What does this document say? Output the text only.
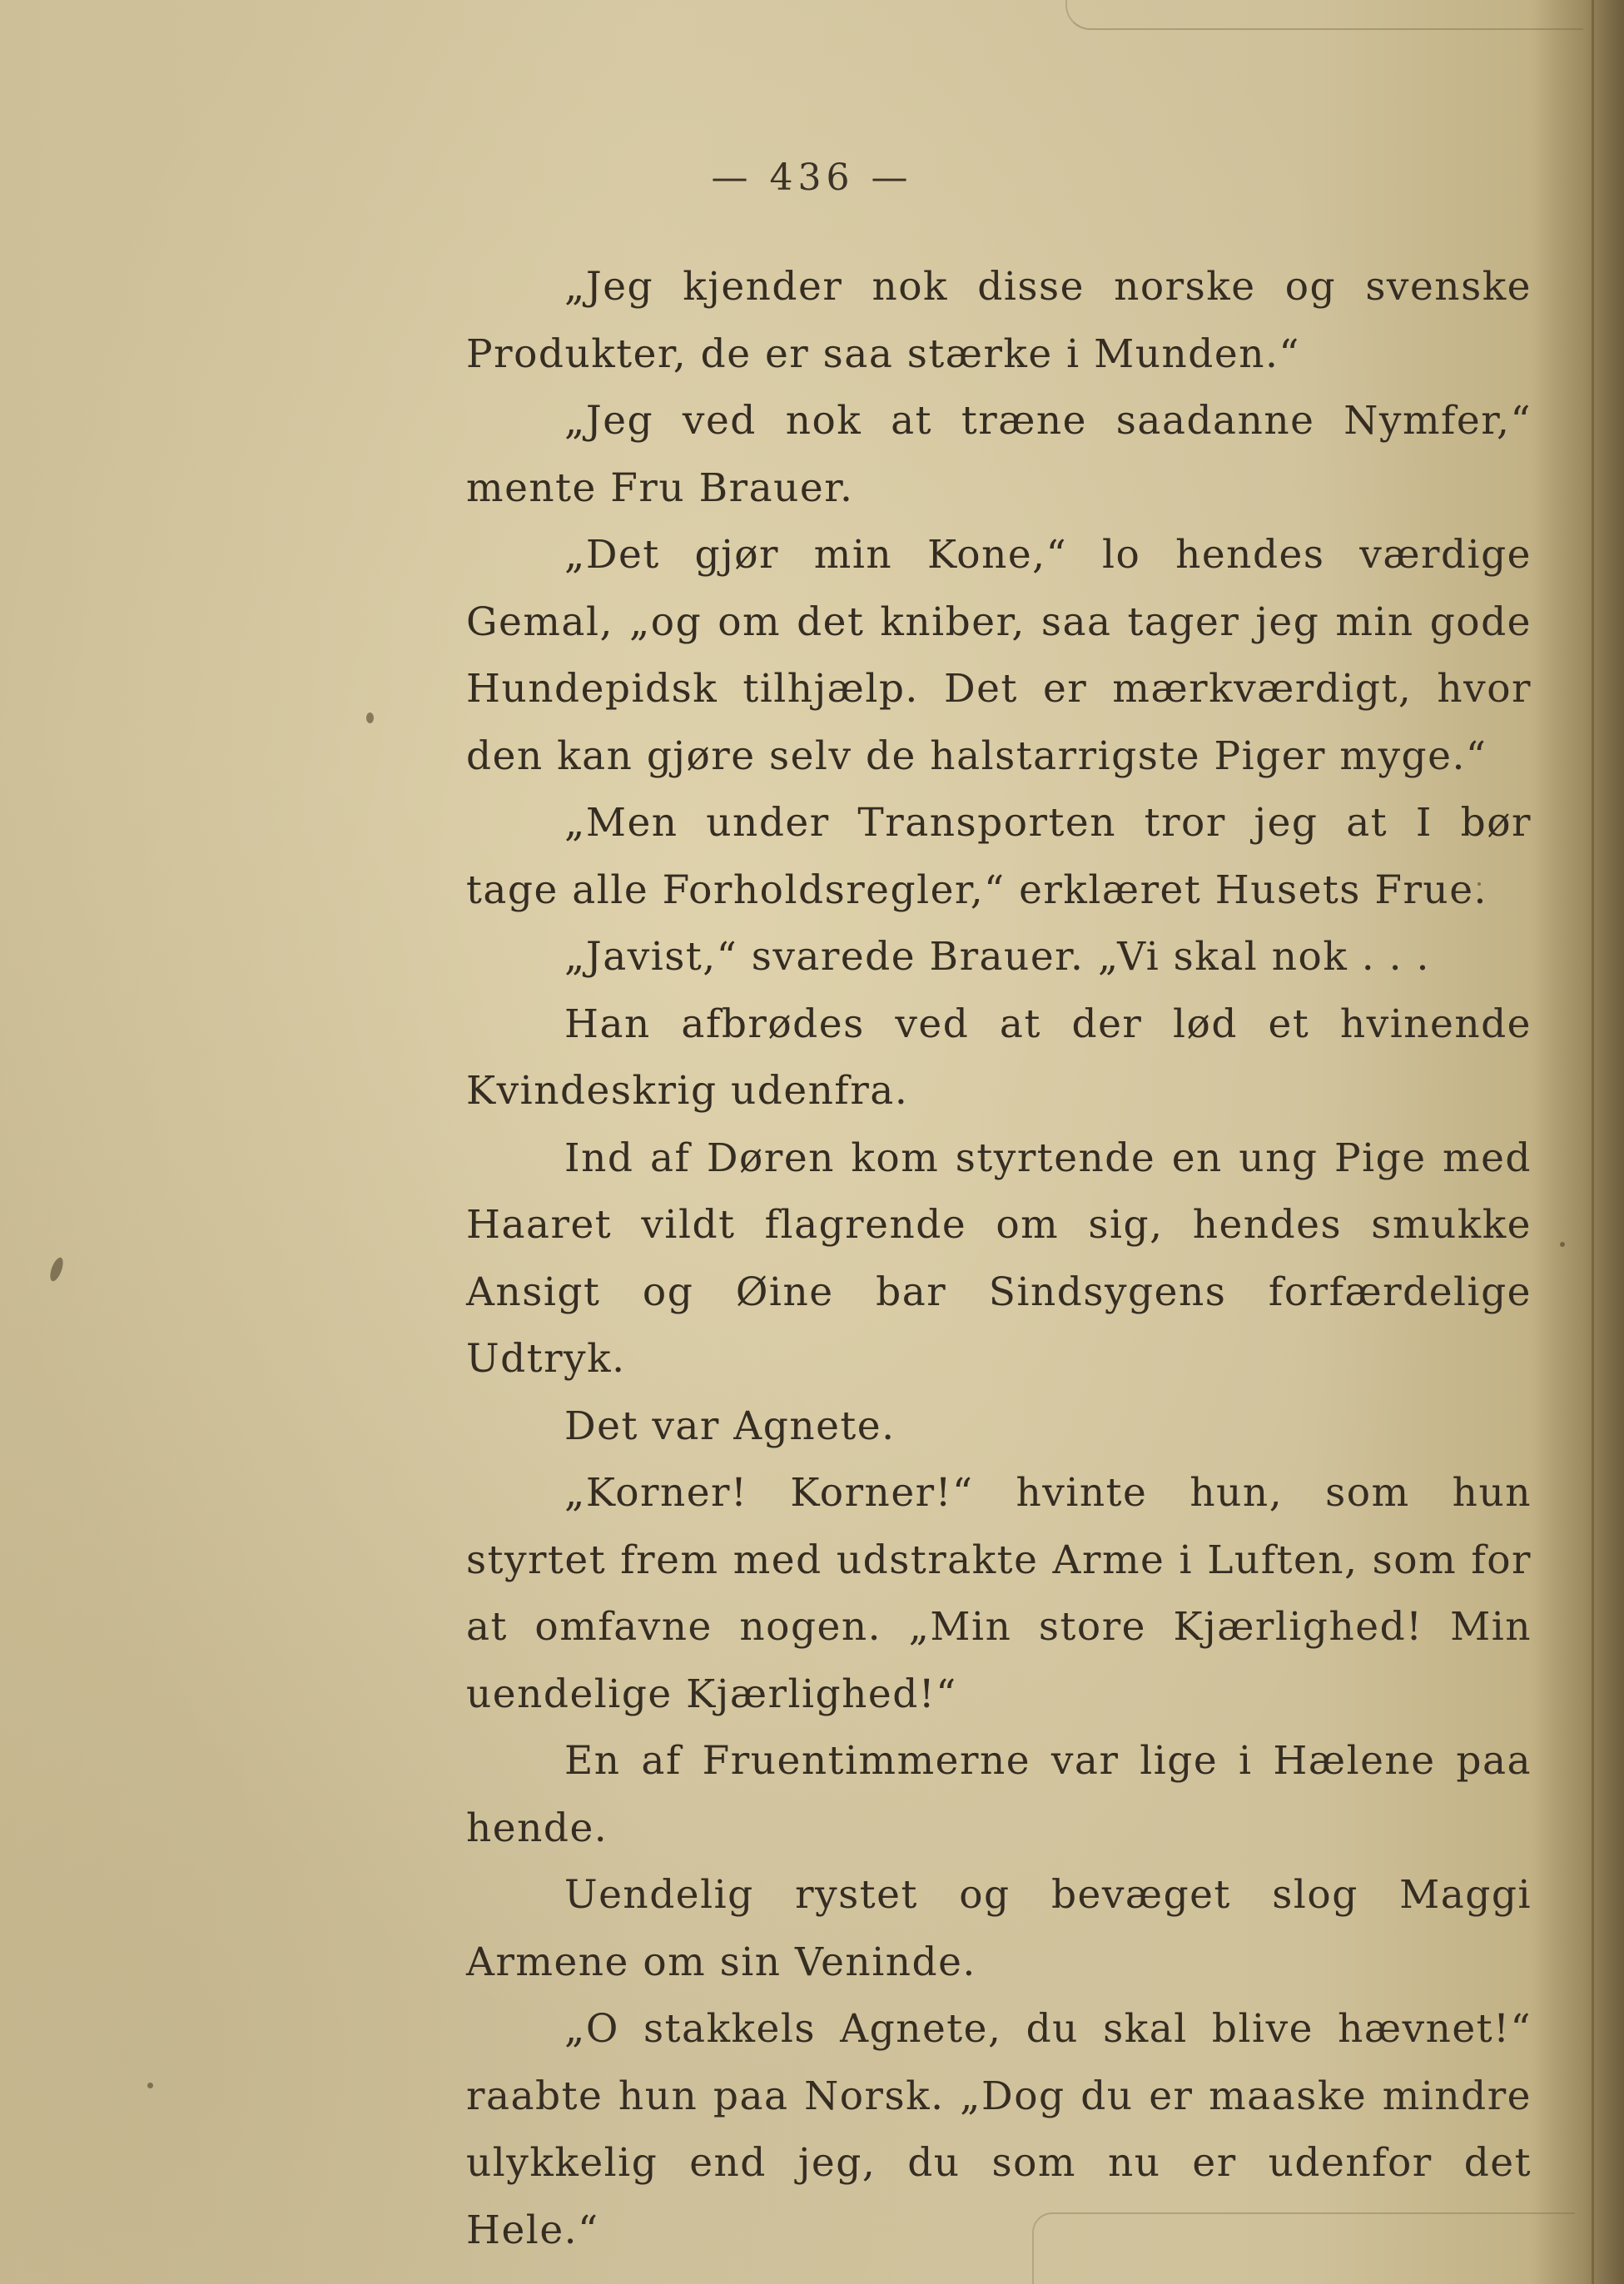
— 436 —

„Jeg kjender nok disse norske og svenske Produkter, de er saa stærke i Munden.“

„Jeg ved nok at træne saadanne Nymfer,“ mente Fru Brauer.

„Det gjør min Kone,“ lo hendes værdige Gemal, „og om det kniber, saa tager jeg min gode Hundepidsk tilhjælp. Det er mærkværdigt, hvor den kan gjøre selv de halstarrigste Piger myge.“

„Men under Transporten tror jeg at I bør tage alle Forholdsregler,“ erklæret Husets Frue.

„Javist,“ svarede Brauer. „Vi skal nok . . .

Han afbrødes ved at der lød et hvinende Kvindeskrig udenfra.

Ind af Døren kom styrtende en ung Pige med Haaret vildt flagrende om sig, hendes smukke Ansigt og Øine bar Sindsygens forfærdelige Udtryk.

Det var Agnete.

„Korner! Korner!“ hvinte hun, som hun styrtet frem med udstrakte Arme i Luften, som for at omfavne nogen. „Min store Kjærlighed! Min uendelige Kjærlighed!“

En af Fruentimmerne var lige i Hælene paa hende.

Uendelig rystet og bevæget slog Maggi Armene om sin Veninde.

„O stakkels Agnete, du skal blive hævnet!“ raabte hun paa Norsk. „Dog du er maaske mindre ulykkelig end jeg, du som nu er udenfor det Hele.“
